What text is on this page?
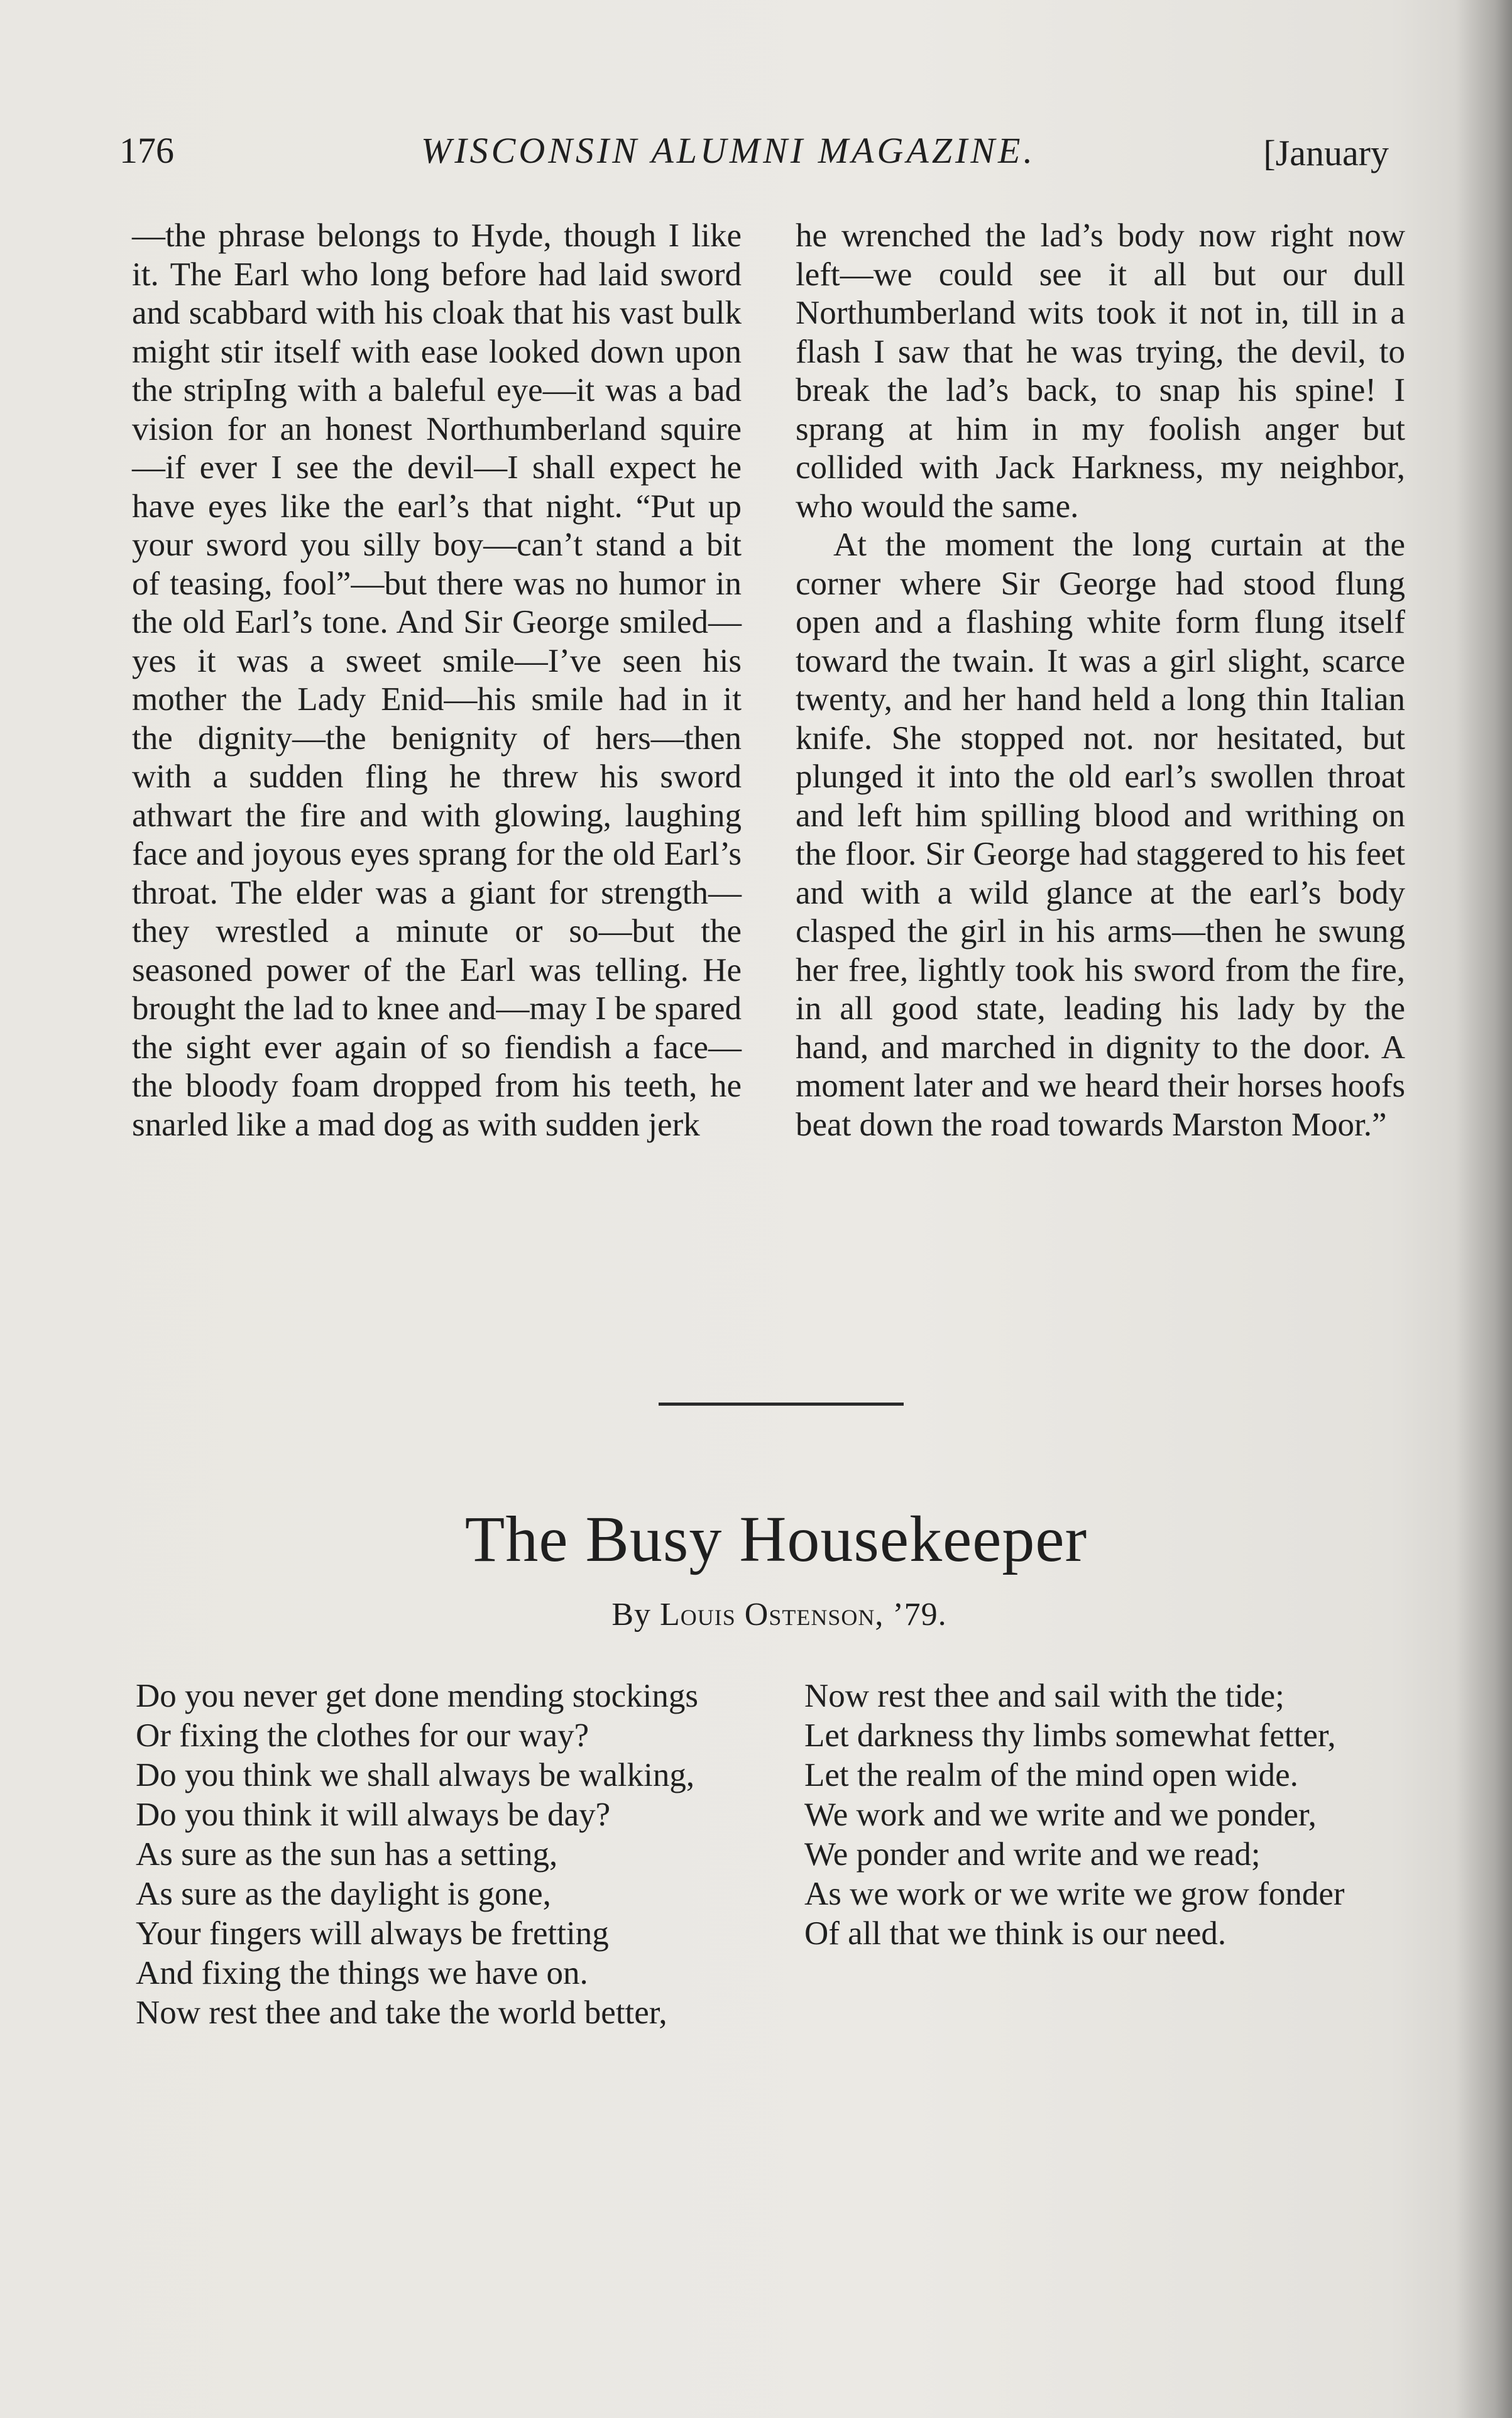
176	WISCONSIN ALUMNI MAGAZINE.	[January

—the phrase belongs to Hyde, though I like it. The Earl who long before had laid sword and scabbard with his cloak that his vast bulk might stir itself with ease looked down upon the stripIng with a baleful eye—it was a bad vision for an honest Northumberland squire—if ever I see the devil—I shall expect he have eyes like the earl’s that night. “Put up your sword you silly boy—can’t stand a bit of teasing, fool”—but there was no humor in the old Earl’s tone. And Sir George smiled—yes it was a sweet smile—I’ve seen his mother the Lady Enid—his smile had in it the dignity—the benignity of hers—then with a sudden fling he threw his sword athwart the fire and with glowing, laughing face and joyous eyes sprang for the old Earl’s throat. The elder was a giant for strength—they wrestled a minute or so—but the seasoned power of the Earl was telling. He brought the lad to knee and—may I be spared the sight ever again of so fiendish a face—the bloody foam dropped from his teeth, he snarled like a mad dog as with sudden jerk

he wrenched the lad’s body now right now left—we could see it all but our dull Northumberland wits took it not in, till in a flash I saw that he was trying, the devil, to break the lad’s back, to snap his spine! I sprang at him in my foolish anger but collided with Jack Harkness, my neighbor, who would the same.

At the moment the long curtain at the corner where Sir George had stood flung open and a flashing white form flung itself toward the twain. It was a girl slight, scarce twenty, and her hand held a long thin Italian knife. She stopped not. nor hesitated, but plunged it into the old earl’s swollen throat and left him spilling blood and writhing on the floor. Sir George had staggered to his feet and with a wild glance at the earl’s body clasped the girl in his arms—then he swung her free, lightly took his sword from the fire, in all good state, leading his lady by the hand, and marched in dignity to the door. A moment later and we heard their horses hoofs beat down the road towards Marston Moor.”

The Busy Housekeeper
By Louis Ostenson, ’79.

Do you never get done mending stockings

Or fixing the clothes for our way?

Do you think we shall always be walking,

Do you think it will always be day?

As sure as the sun has a setting,

As sure as the daylight is gone,

Your fingers will always be fretting

And fixing the things we have on.

Now rest thee and take the world better,

Now rest thee and sail with the tide;

Let darkness thy limbs somewhat fetter,

Let the realm of the mind open wide.

We work and we write and we ponder,

We ponder and write and we read;

As we work or we write we grow fonder

Of all that we think is our need.
